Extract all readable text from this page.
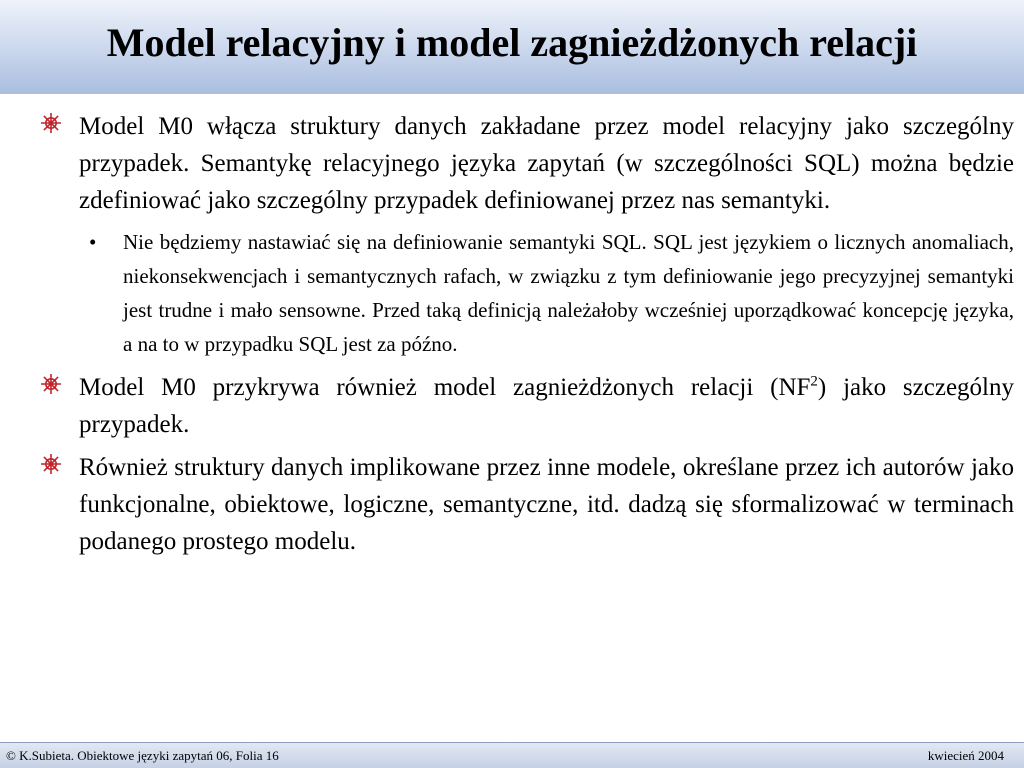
Model relacyjny i model zagnieżdżonych relacji
Model M0 włącza struktury danych zakładane przez model relacyjny jako szczególny przypadek. Semantykę relacyjnego języka zapytań (w szczególności SQL) można będzie zdefiniować jako szczególny przypadek definiowanej przez nas semantyki.
• Nie będziemy nastawiać się na definiowanie semantyki SQL. SQL jest językiem o licznych anomaliach, niekonsekwencjach i semantycznych rafach, w związku z tym definiowanie jego precyzyjnej semantyki jest trudne i mało sensowne. Przed taką definicją należałoby wcześniej uporządkować koncepcję języka, a na to w przypadku SQL jest za późno.
Model M0 przykrywa również model zagnieżdżonych relacji $(NF^2)$ jako szczególny przypadek.
Również struktury danych implikowane przez inne modele, określane przez ich autorów jako funkcjonalne, obiektowe, logiczne, semantyczne, itd. dadzą się sformalizować w terminach podanego prostego modelu.
© K.Subieta. Obiektowe języki zapytań 06, Folia 16	kwiecień 2004
